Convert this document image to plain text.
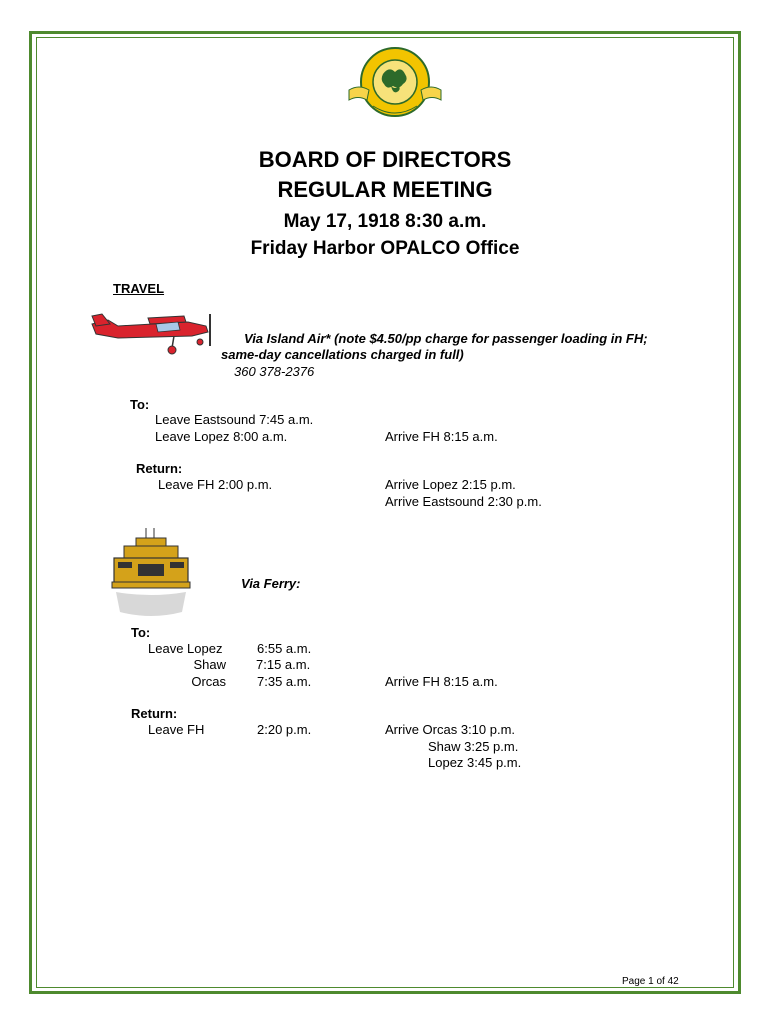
BOARD OF DIRECTORS
REGULAR MEETING
May 17, 1918 8:30 a.m.
Friday Harbor OPALCO Office
TRAVEL
Via Island Air* (note $4.50/pp charge for passenger loading in FH;
same-day cancellations charged in full)
360 378-2376
To:
Leave Eastsound 7:45 a.m.
Leave Lopez 8:00 a.m.	Arrive FH 8:15 a.m.
Return:
Leave FH 2:00 p.m.	Arrive Lopez 2:15 p.m.
Arrive Eastsound 2:30 p.m.
Via Ferry:
To:
Leave Lopez	6:55 a.m.
Shaw 7:15 a.m.
Orcas 7:35 a.m.	Arrive FH 8:15 a.m.
Return:
Leave FH	2:20 p.m.	Arrive Orcas 3:10 p.m.
Shaw 3:25 p.m.
Lopez 3:45 p.m.
Page 1 of 42
